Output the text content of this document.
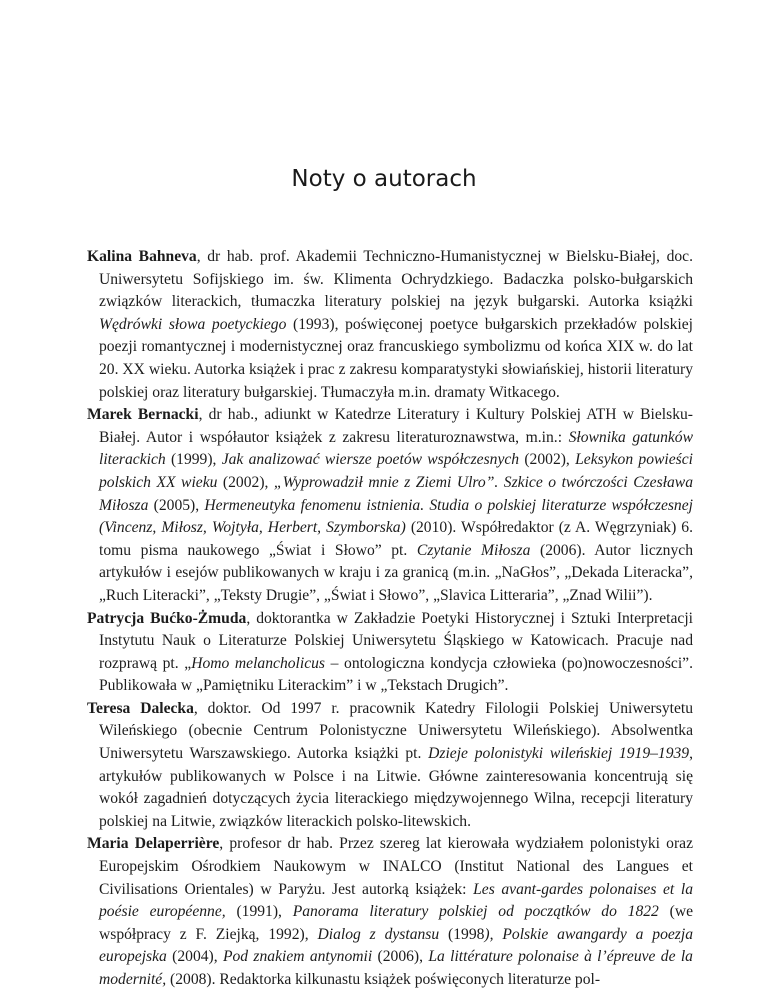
Noty o autorach

Kalina Bahneva, dr hab. prof. Akademii Techniczno-Humanistycznej w Bielsku-Białej, doc. Uniwersytetu Sofijskiego im. św. Klimenta Ochrydzkiego. Badaczka polsko-bułgarskich związków literackich, tłumaczka literatury polskiej na język bułgarski. Autorka książki Wędrówki słowa poetyckiego (1993), poświęconej poetyce bułgarskich przekładów polskiej poezji romantycznej i modernistycznej oraz francuskiego symbolizmu od końca XIX w. do lat 20. XX wieku. Autorka książek i prac z zakresu komparatystyki słowiańskiej, historii literatury polskiej oraz literatury bułgarskiej. Tłumaczyła m.in. dramaty Witkacego.

Marek Bernacki, dr hab., adiunkt w Katedrze Literatury i Kultury Polskiej ATH w Bielsku-Białej. Autor i współautor książek z zakresu literaturoznawstwa, m.in.: Słownika gatunków literackich (1999), Jak analizować wiersze poetów współczesnych (2002), Leksykon powieści polskich XX wieku (2002), „Wyprowadził mnie z Ziemi Ulro”. Szkice o twórczości Czesława Miłosza (2005), Hermeneutyka fenomenu istnienia. Studia o polskiej literaturze współczesnej (Vincenz, Miłosz, Wojtyła, Herbert, Szymborska) (2010). Współredaktor (z A. Węgrzyniak) 6. tomu pisma naukowego „Świat i Słowo” pt. Czytanie Miłosza (2006). Autor licznych artykułów i esejów publikowanych w kraju i za granicą (m.in. „NaGłos”, „Dekada Literacka”, „Ruch Literacki”, „Teksty Drugie”, „Świat i Słowo”, „Slavica Litteraria”, „Znad Wilii”).

Patrycja Bućko-Żmuda, doktorantka w Zakładzie Poetyki Historycznej i Sztuki Interpretacji Instytutu Nauk o Literaturze Polskiej Uniwersytetu Śląskiego w Katowicach. Pracuje nad rozprawą pt. „Homo melancholicus – ontologiczna kondycja człowieka (po)nowoczesności”. Publikowała w „Pamiętniku Literackim” i w „Tekstach Drugich”.

Teresa Dalecka, doktor. Od 1997 r. pracownik Katedry Filologii Polskiej Uniwersytetu Wileńskiego (obecnie Centrum Polonistyczne Uniwersytetu Wileńskiego). Absolwentka Uniwersytetu Warszawskiego. Autorka książki pt. Dzieje polonistyki wileńskiej 1919–1939, artykułów publikowanych w Polsce i na Litwie. Główne zainteresowania koncentrują się wokół zagadnień dotyczących życia literackiego międzywojennego Wilna, recepcji literatury polskiej na Litwie, związków literackich polsko-litewskich.

Maria Delaperrière, profesor dr hab. Przez szereg lat kierowała wydziałem polonistyki oraz Europejskim Ośrodkiem Naukowym w INALCO (Institut National des Langues et Civilisations Orientales) w Paryżu. Jest autorką książek: Les avant-gardes polonaises et la poésie européenne, (1991), Panorama literatury polskiej od początków do 1822 (we współpracy z F. Ziejką, 1992), Dialog z dystansu (1998), Polskie awangardy a poezja europejska (2004), Pod znakiem antynomii (2006), La littérature polonaise à l’épreuve de la modernité, (2008). Redaktorka kilkunastu książek poświęconych literaturze pol-
